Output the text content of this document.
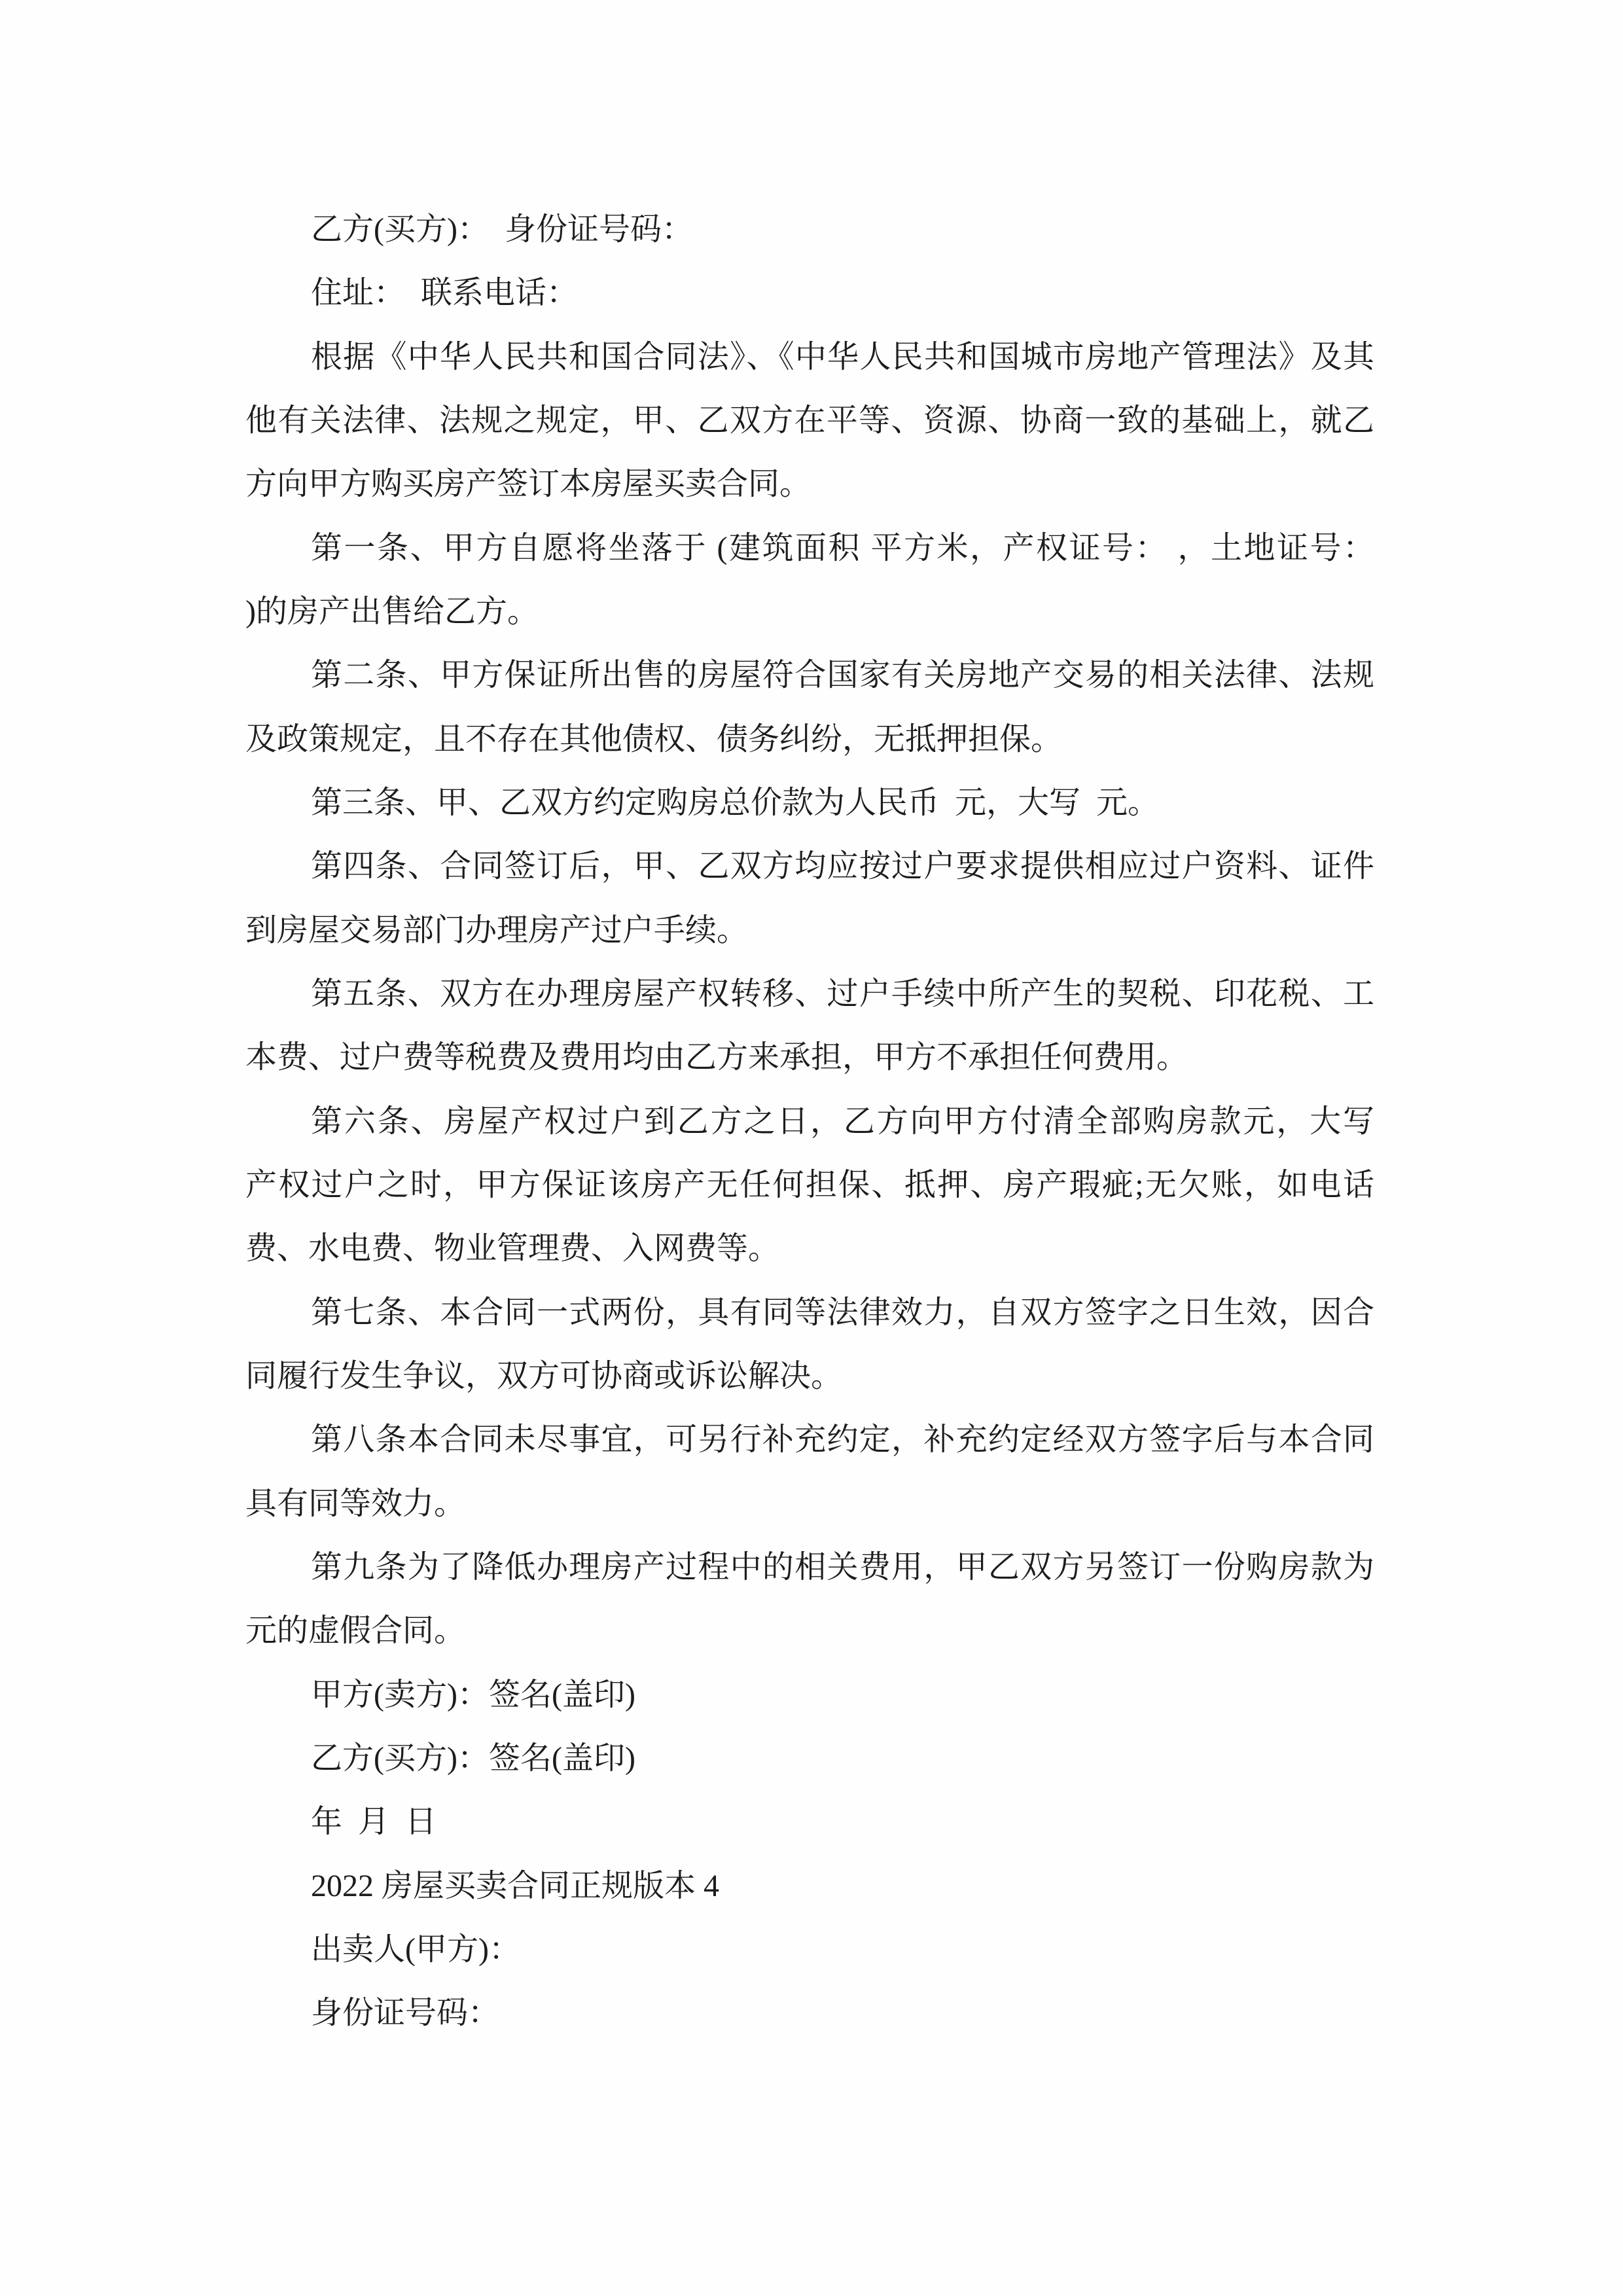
乙方(买方)：  身份证号码：
住址：  联系电话：
根据《中华人民共和国合同法》、《中华人民共和国城市房地产管理法》及其
他有关法律、法规之规定，甲、乙双方在平等、资源、协商一致的基础上，就乙
方向甲方购买房产签订本房屋买卖合同。
第一条、甲方自愿将坐落于 (建筑面积 平方米，产权证号： ，土地证号：
)的房产出售给乙方。
第二条、甲方保证所出售的房屋符合国家有关房地产交易的相关法律、法规
及政策规定，且不存在其他债权、债务纠纷，无抵押担保。
第三条、甲、乙双方约定购房总价款为人民币  元，大写  元。
第四条、合同签订后，甲、乙双方均应按过户要求提供相应过户资料、证件
到房屋交易部门办理房产过户手续。
第五条、双方在办理房屋产权转移、过户手续中所产生的契税、印花税、工
本费、过户费等税费及费用均由乙方来承担，甲方不承担任何费用。
第六条、房屋产权过户到乙方之日，乙方向甲方付清全部购房款元，大写
产权过户之时，甲方保证该房产无任何担保、抵押、房产瑕疵;无欠账，如电话
费、水电费、物业管理费、入网费等。
第七条、本合同一式两份，具有同等法律效力，自双方签字之日生效，因合
同履行发生争议，双方可协商或诉讼解决。
第八条本合同未尽事宜，可另行补充约定，补充约定经双方签字后与本合同
具有同等效力。
第九条为了降低办理房产过程中的相关费用，甲乙双方另签订一份购房款为
元的虚假合同。
甲方(卖方)：签名(盖印)
乙方(买方)：签名(盖印)
年  月  日
2022 房屋买卖合同正规版本 4
出卖人(甲方)：
身份证号码：
